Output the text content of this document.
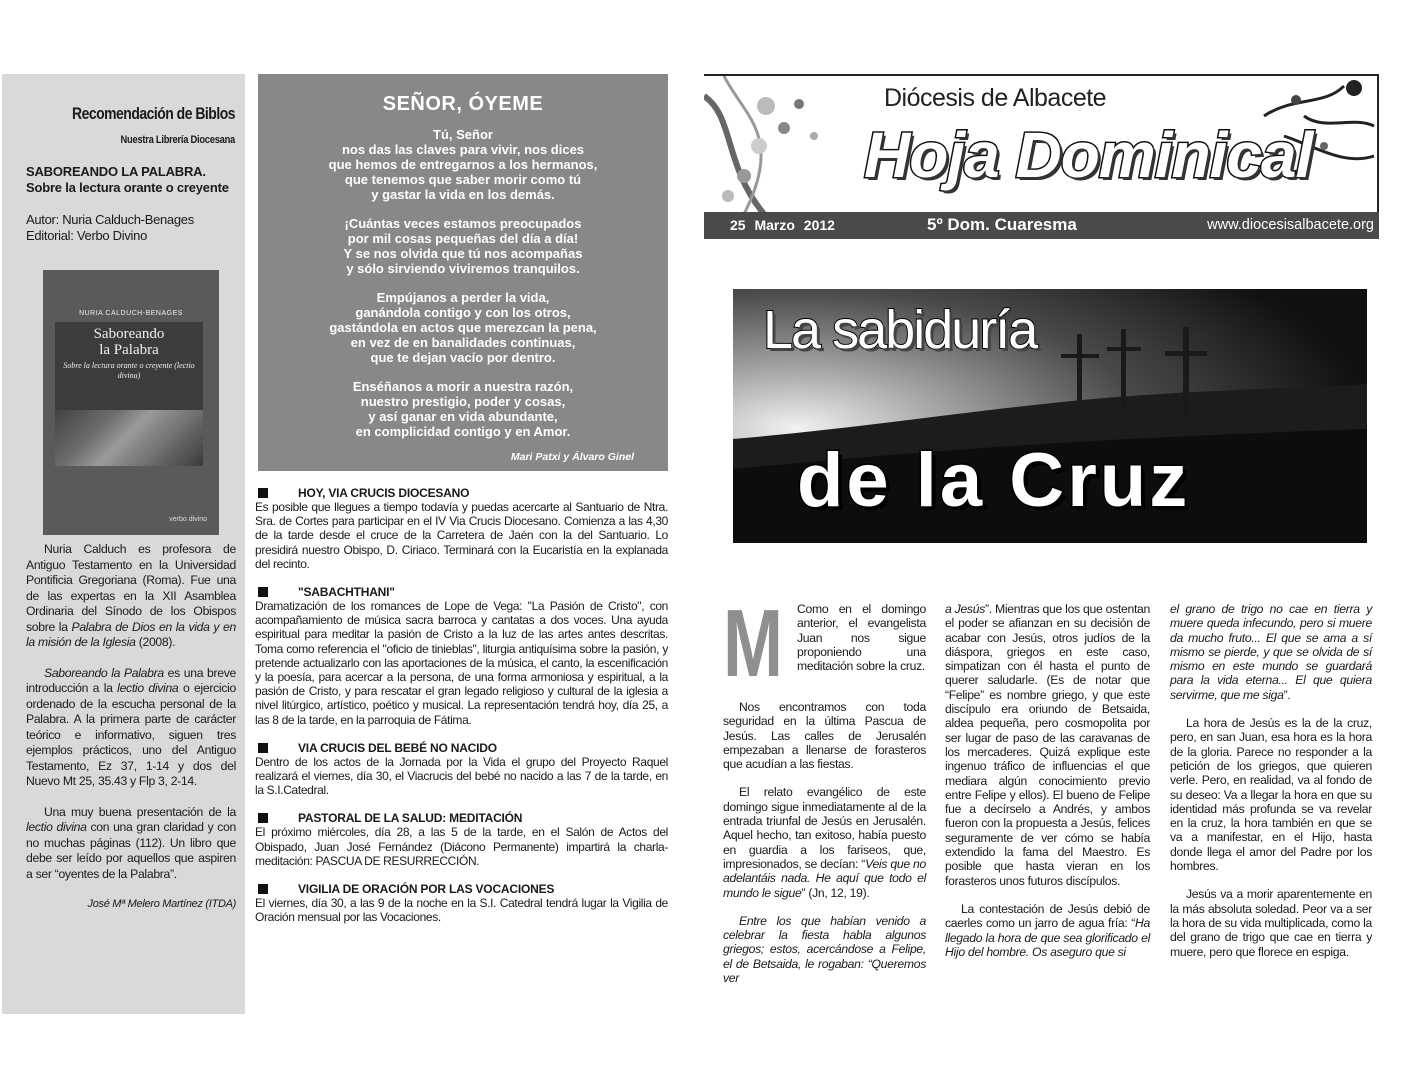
Recomendación de Biblos
Nuestra Librería Diocesana
SABOREANDO LA PALABRA.
Sobre la lectura orante o creyente
Autor: Nuria Calduch-Benages
Editorial: Verbo Divino
NURIA CALDUCH-BENAGES
Saboreando
la Palabra
Sobre la lectura orante o creyente (lectio divina)
verbo divino

Nuria Calduch es profesora de Antiguo Testamento en la Universidad Pontificia Gregoriana (Roma). Fue una de las expertas en la XII Asamblea Ordinaria del Sínodo de los Obispos sobre la Palabra de Dios en la vida y en la misión de la Iglesia (2008).

Saboreando la Palabra es una breve introducción a la lectio divina o ejercicio ordenado de la escucha personal de la Palabra. A la primera parte de carácter teórico e informativo, siguen tres ejemplos prácticos, uno del Antiguo Testamento, Ez 37, 1-14 y dos del Nuevo Mt 25, 35.43 y Flp 3, 2-14.

Una muy buena presentación de la lectio divina con una gran claridad y con no muchas páginas (112). Un libro que debe ser leído por aquellos que aspiren a ser “oyentes de la Palabra”.

José Mª Melero Martínez (ITDA)

SEÑOR, ÓYEME
Tú, Señor
nos das las claves para vivir, nos dices
que hemos de entregarnos a los hermanos,
que tenemos que saber morir como tú
y gastar la vida en los demás.
¡Cuántas veces estamos preocupados
por mil cosas pequeñas del día a día!
Y se nos olvida que tú nos acompañas
y sólo sirviendo viviremos tranquilos.
Empújanos a perder la vida,
ganándola contigo y con los otros,
gastándola en actos que merezcan la pena,
en vez de en banalidades continuas,
que te dejan vacío por dentro.
Enséñanos a morir a nuestra razón,
nuestro prestigio, poder y cosas,
y así ganar en vida abundante,
en complicidad contigo y en Amor.
Mari Patxi y Álvaro Ginel
HOY, VIA CRUCIS DIOCESANO
Es posible que llegues a tiempo todavía y puedas acercarte al Santuario de Ntra. Sra. de Cortes para participar en el IV Via Crucis Diocesano. Comienza a las 4,30 de la tarde desde el cruce de la Carretera de Jaén con la del Santuario. Lo presidirá nuestro Obispo, D. Ciriaco. Terminará con la Eucaristía en la explanada del recinto.
"SABACHTHANI"
Dramatización de los romances de Lope de Vega: "La Pasión de Cristo", con acompañamiento de música sacra barroca y cantatas a dos voces. Una ayuda espiritual para meditar la pasión de Cristo a la luz de las artes antes descritas. Toma como referencia el "oficio de tinieblas", liturgia antiquísima sobre la pasión, y pretende actualizarlo con las aportaciones de la música, el canto, la escenificación y la poesía, para acercar a la persona, de una forma armoniosa y espiritual, a la pasión de Cristo, y para rescatar el gran legado religioso y cultural de la iglesia a nivel litúrgico, artístico, poético y musical. La representación tendrá hoy, día 25, a las 8 de la tarde, en la parroquia de Fátima.
VIA CRUCIS DEL BEBÉ NO NACIDO
Dentro de los actos de la Jornada por la Vida el grupo del Proyecto Raquel realizará el viernes, día 30, el Viacrucis del bebé no nacido a las 7 de la tarde, en la S.I.Catedral.
PASTORAL DE LA SALUD: MEDITACIÓN
El próximo miércoles, día 28, a las 5 de la tarde, en el Salón de Actos del Obispado, Juan José Fernández (Diácono Permanente) impartirá la charla-meditación: PASCUA DE RESURRECCIÓN.
VIGILIA DE ORACIÓN POR LAS VOCACIONES
El viernes, día 30, a las 9 de la noche en la S.I. Catedral tendrá lugar la Vigilia de Oración mensual por las Vocaciones.
Diócesis de Albacete
Hoja Dominical
25 Marzo 2012	5º Dom. Cuaresma	www.diocesisalbacete.org
La sabiduría
de la Cruz
M Como en el domingo anterior, el evangelista Juan nos sigue proponiendo una meditación sobre la cruz.

Nos encontramos con toda seguridad en la última Pascua de Jesús. Las calles de Jerusalén empezaban a llenarse de forasteros que acudían a las fiestas.

El relato evangélico de este domingo sigue inmediatamente al de la entrada triunfal de Jesús en Jerusalén. Aquel hecho, tan exitoso, había puesto en guardia a los fariseos, que, impresionados, se decían: “Veis que no adelantáis nada. He aquí que todo el mundo le sigue” (Jn, 12, 19).

Entre los que habían venido a celebrar la fiesta habla algunos griegos; estos, acercándose a Felipe, el de Betsaida, le rogaban: “Queremos ver

a Jesús”. Mientras que los que ostentan el poder se afianzan en su decisión de acabar con Jesús, otros judíos de la diáspora, griegos en este caso, simpatizan con él hasta el punto de querer saludarle. (Es de notar que “Felipe” es nombre griego, y que este discípulo era oriundo de Betsaida, aldea pequeña, pero cosmopolita por ser lugar de paso de las caravanas de los mercaderes. Quizá explique este ingenuo tráfico de influencias el que mediara algún conocimiento previo entre Felipe y ellos). El bueno de Felipe fue a decírselo a Andrés, y ambos fueron con la propuesta a Jesús, felices seguramente de ver cómo se había extendido la fama del Maestro. Es posible que hasta vieran en los forasteros unos futuros discípulos.

La contestación de Jesús debió de caerles como un jarro de agua fría: “Ha llegado la hora de que sea glorificado el Hijo del hombre. Os aseguro que si

el grano de trigo no cae en tierra y muere queda infecundo, pero si muere da mucho fruto... El que se ama a sí mismo se pierde, y que se olvida de sí mismo en este mundo se guardará para la vida eterna... El que quiera servirme, que me siga”.

La hora de Jesús es la de la cruz, pero, en san Juan, esa hora es la hora de la gloria. Parece no responder a la petición de los griegos, que quieren verle. Pero, en realidad, va al fondo de su deseo: Va a llegar la hora en que su identidad más profunda se va revelar en la cruz, la hora también en que se va a manifestar, en el Hijo, hasta donde llega el amor del Padre por los hombres.

Jesús va a morir aparentemente en la más absoluta soledad. Peor va a ser la hora de su vida multiplicada, como la del grano de trigo que cae en tierra y muere, pero que florece en espiga.
